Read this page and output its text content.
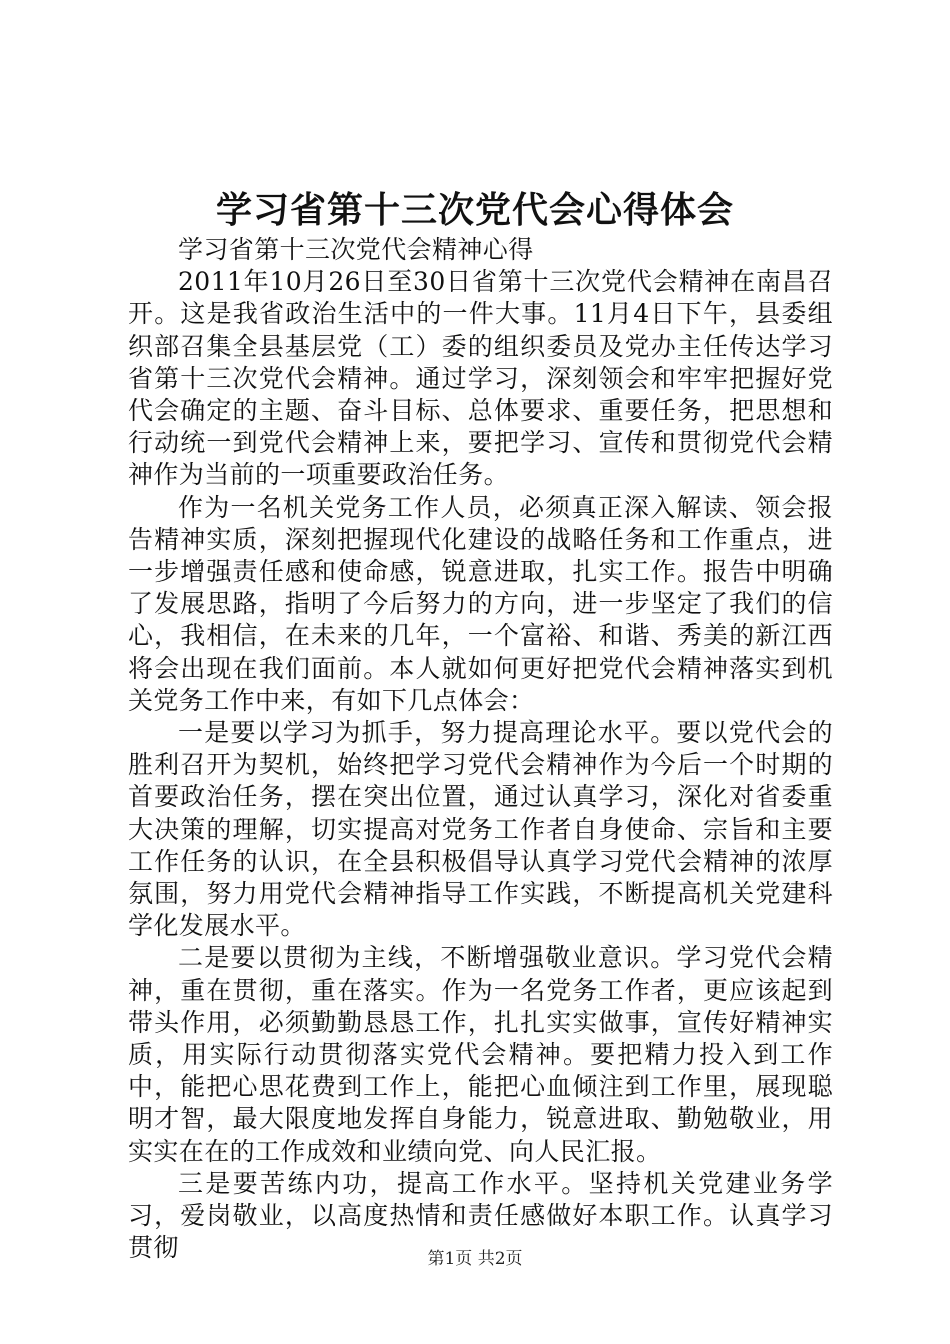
学习省第十三次党代会心得体会

学习省第十三次党代会精神心得

2011年10月26日至30日省第十三次党代会精神在南昌召开。这是我省政治生活中的一件大事。11月4日下午，县委组织部召集全县基层党（工）委的组织委员及党办主任传达学习省第十三次党代会精神。通过学习，深刻领会和牢牢把握好党代会确定的主题、奋斗目标、总体要求、重要任务，把思想和行动统一到党代会精神上来，要把学习、宣传和贯彻党代会精神作为当前的一项重要政治任务。

作为一名机关党务工作人员，必须真正深入解读、领会报告精神实质，深刻把握现代化建设的战略任务和工作重点，进一步增强责任感和使命感，锐意进取，扎实工作。报告中明确了发展思路，指明了今后努力的方向，进一步坚定了我们的信心，我相信，在未来的几年，一个富裕、和谐、秀美的新江西将会出现在我们面前。本人就如何更好把党代会精神落实到机关党务工作中来，有如下几点体会：

一是要以学习为抓手，努力提高理论水平。要以党代会的胜利召开为契机，始终把学习党代会精神作为今后一个时期的首要政治任务，摆在突出位置，通过认真学习，深化对省委重大决策的理解，切实提高对党务工作者自身使命、宗旨和主要工作任务的认识，在全县积极倡导认真学习党代会精神的浓厚氛围，努力用党代会精神指导工作实践，不断提高机关党建科学化发展水平。

二是要以贯彻为主线，不断增强敬业意识。学习党代会精神，重在贯彻，重在落实。作为一名党务工作者，更应该起到带头作用，必须勤勤恳恳工作，扎扎实实做事，宣传好精神实质，用实际行动贯彻落实党代会精神。要把精力投入到工作中，能把心思花费到工作上，能把心血倾注到工作里，展现聪明才智，最大限度地发挥自身能力，锐意进取、勤勉敬业，用实实在在的工作成效和业绩向党、向人民汇报。

三是要苦练内功，提高工作水平。坚持机关党建业务学习，爱岗敬业，以高度热情和责任感做好本职工作。认真学习贯彻	第1页 共2页
